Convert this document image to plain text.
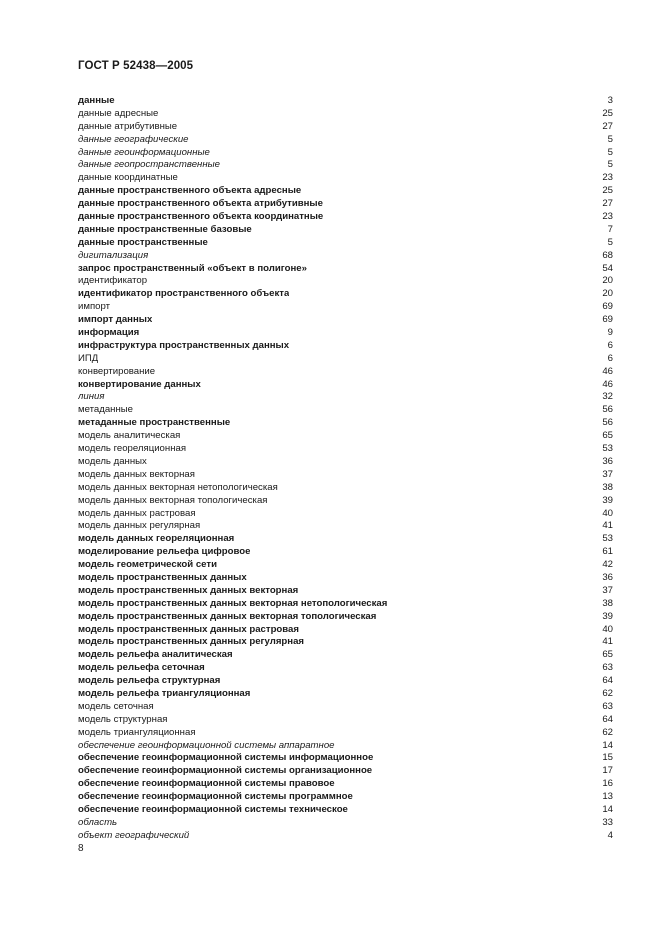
ГОСТ Р 52438—2005
данные	3
данные адресные	25
данные атрибутивные	27
данные географические	5
данные геоинформационные	5
данные геопространственные	5
данные координатные	23
данные пространственного объекта адресные	25
данные пространственного объекта атрибутивные	27
данные пространственного объекта координатные	23
данные пространственные базовые	7
данные пространственные	5
дигитализация	68
запрос пространственный «объект в полигоне»	54
идентификатор	20
идентификатор пространственного объекта	20
импорт	69
импорт данных	69
информация	9
инфраструктура пространственных данных	6
ИПД	6
конвертирование	46
конвертирование данных	46
линия	32
метаданные	56
метаданные пространственные	56
модель аналитическая	65
модель геореляционная	53
модель данных	36
модель данных векторная	37
модель данных векторная нетопологическая	38
модель данных векторная топологическая	39
модель данных растровая	40
модель данных регулярная	41
модель данных геореляционная	53
моделирование рельефа цифровое	61
модель геометрической сети	42
модель пространственных данных	36
модель пространственных данных векторная	37
модель пространственных данных векторная нетопологическая	38
модель пространственных данных векторная топологическая	39
модель пространственных данных растровая	40
модель пространственных данных регулярная	41
модель рельефа аналитическая	65
модель рельефа сеточная	63
модель рельефа структурная	64
модель рельефа триангуляционная	62
модель сеточная	63
модель структурная	64
модель триангуляционная	62
обеспечение геоинформационной системы аппаратное	14
обеспечение геоинформационной системы информационное	15
обеспечение геоинформационной системы организационное	17
обеспечение геоинформационной системы правовое	16
обеспечение геоинформационной системы программное	13
обеспечение геоинформационной системы техническое	14
область	33
объект географический	4
8
